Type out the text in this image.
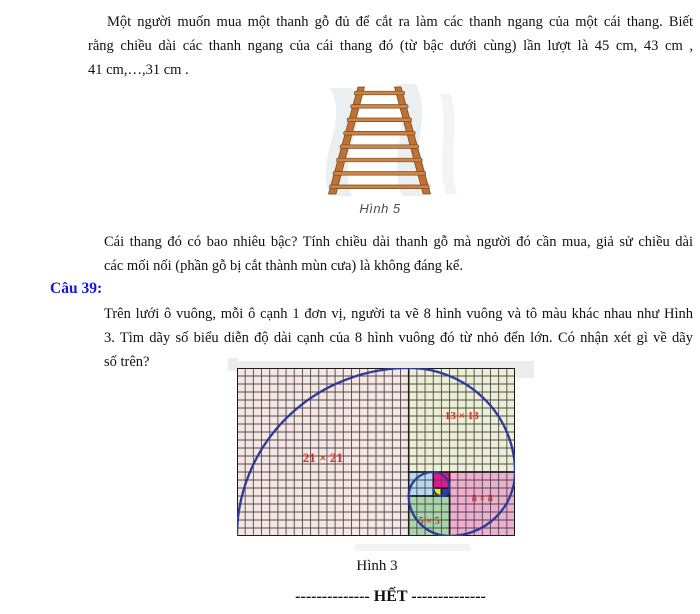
Một người muốn mua một thanh gỗ đủ để cắt ra làm các thanh ngang của một cái thang. Biết
rằng chiều dài các thanh ngang của cái thang đó (từ bậc dưới cùng) lần lượt là 45 cm, 43 cm ,
41 cm,…,31 cm .
Hình 5
Cái thang đó có bao nhiêu bậc? Tính chiều dài thanh gỗ mà người đó cần mua, giả sử chiều dài
các mối nối (phần gỗ bị cắt thành mùn cưa) là không đáng kể.
Câu 39:
Trên lưới ô vuông, mỗi ô cạnh 1 đơn vị, người ta vẽ 8 hình vuông và tô màu khác nhau như Hình
3. Tìm dãy số biểu diễn độ dài cạnh của 8 hình vuông đó từ nhỏ đến lớn. Có nhận xét gì về dãy
số trên?
21 × 21
13 × 13
8 × 8
5 × 5
Hình 3
-------------- HẾT --------------
